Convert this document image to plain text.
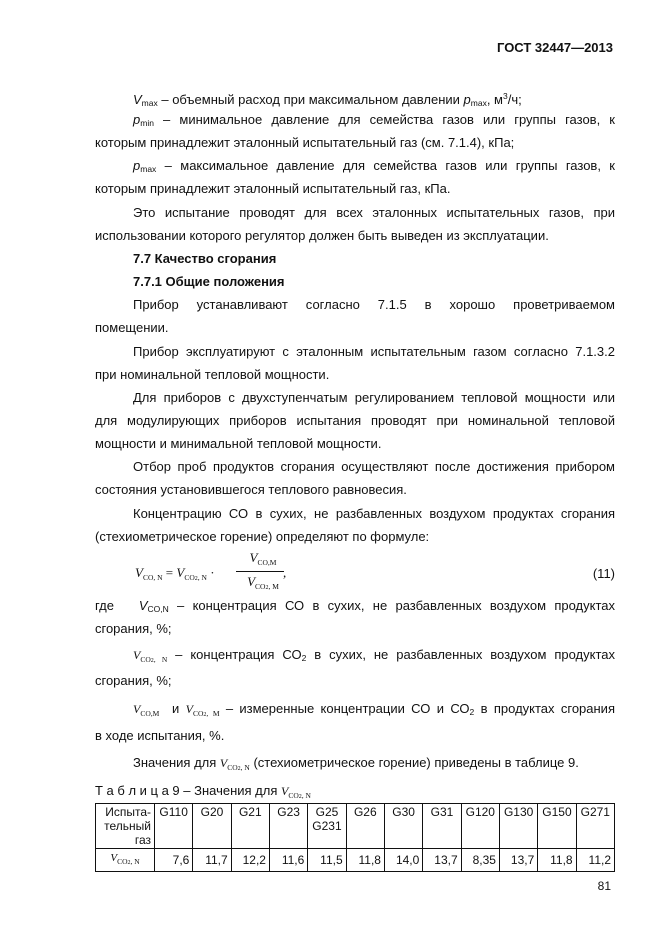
ГОСТ 32447—2013
$V_{max}$ – объемный расход при максимальном давлении $p_{max}$, $м^3/ч$;
$p_{min}$ – минимальное давление для семейства газов или группы газов, к
которым принадлежит эталонный испытательный газ (см. 7.1.4), кПа;
$p_{max}$ – максимальное давление для семейства газов или группы газов, к
которым принадлежит эталонный испытательный газ, кПа.
Это испытание проводят для всех эталонных испытательных газов, при
использовании которого регулятор должен быть выведен из эксплуатации.
7.7 Качество сгорания
7.7.1 Общие положения
Прибор устанавливают согласно 7.1.5 в хорошо проветриваемом
помещении.
Прибор эксплуатируют с эталонным испытательным газом согласно 7.1.3.2
при номинальной тепловой мощности.
Для приборов с двухступенчатым регулированием тепловой мощности или
для модулирующих приборов испытания проводят при номинальной тепловой
мощности и минимальной тепловой мощности.
Отбор проб продуктов сгорания осуществляют после достижения прибором
состояния установившегося теплового равновесия.
Концентрацию СО в сухих, не разбавленных воздухом продуктах сгорания
(стехиометрическое горение) определяют по формуле:
$V_{CO, N} = V_{CO2, N}$ ·
$V_{CO,M}$
$V_{CO2, M}$
,	(11)
где $V_{CO,N}$ – концентрация СО в сухих, не разбавленных воздухом продуктах
сгорания, %;
$V_{CO2, N}$ – концентрация $СО_2$ в сухих, не разбавленных воздухом продуктах
сгорания, %;
$V_{CO,M}$ и $V_{CO2, M}$ – измеренные концентрации СО и $СО_2$ в продуктах сгорания
в ходе испытания, %.
Значения для $V_{CO2, N}$ (стехиометрическое горение) приведены в таблице 9.
Т а б л и ц а 9 – Значения для $V_{CO2, N}$
Испыта-тельный газ	G110	G20	G21	G23	G25 G231	G26	G30	G31	G120	G130	G150	G271
$V_{CO2, N}$	7,6	11,7	12,2	11,6	11,5	11,8	14,0	13,7	8,35	13,7	11,8	11,2
81
